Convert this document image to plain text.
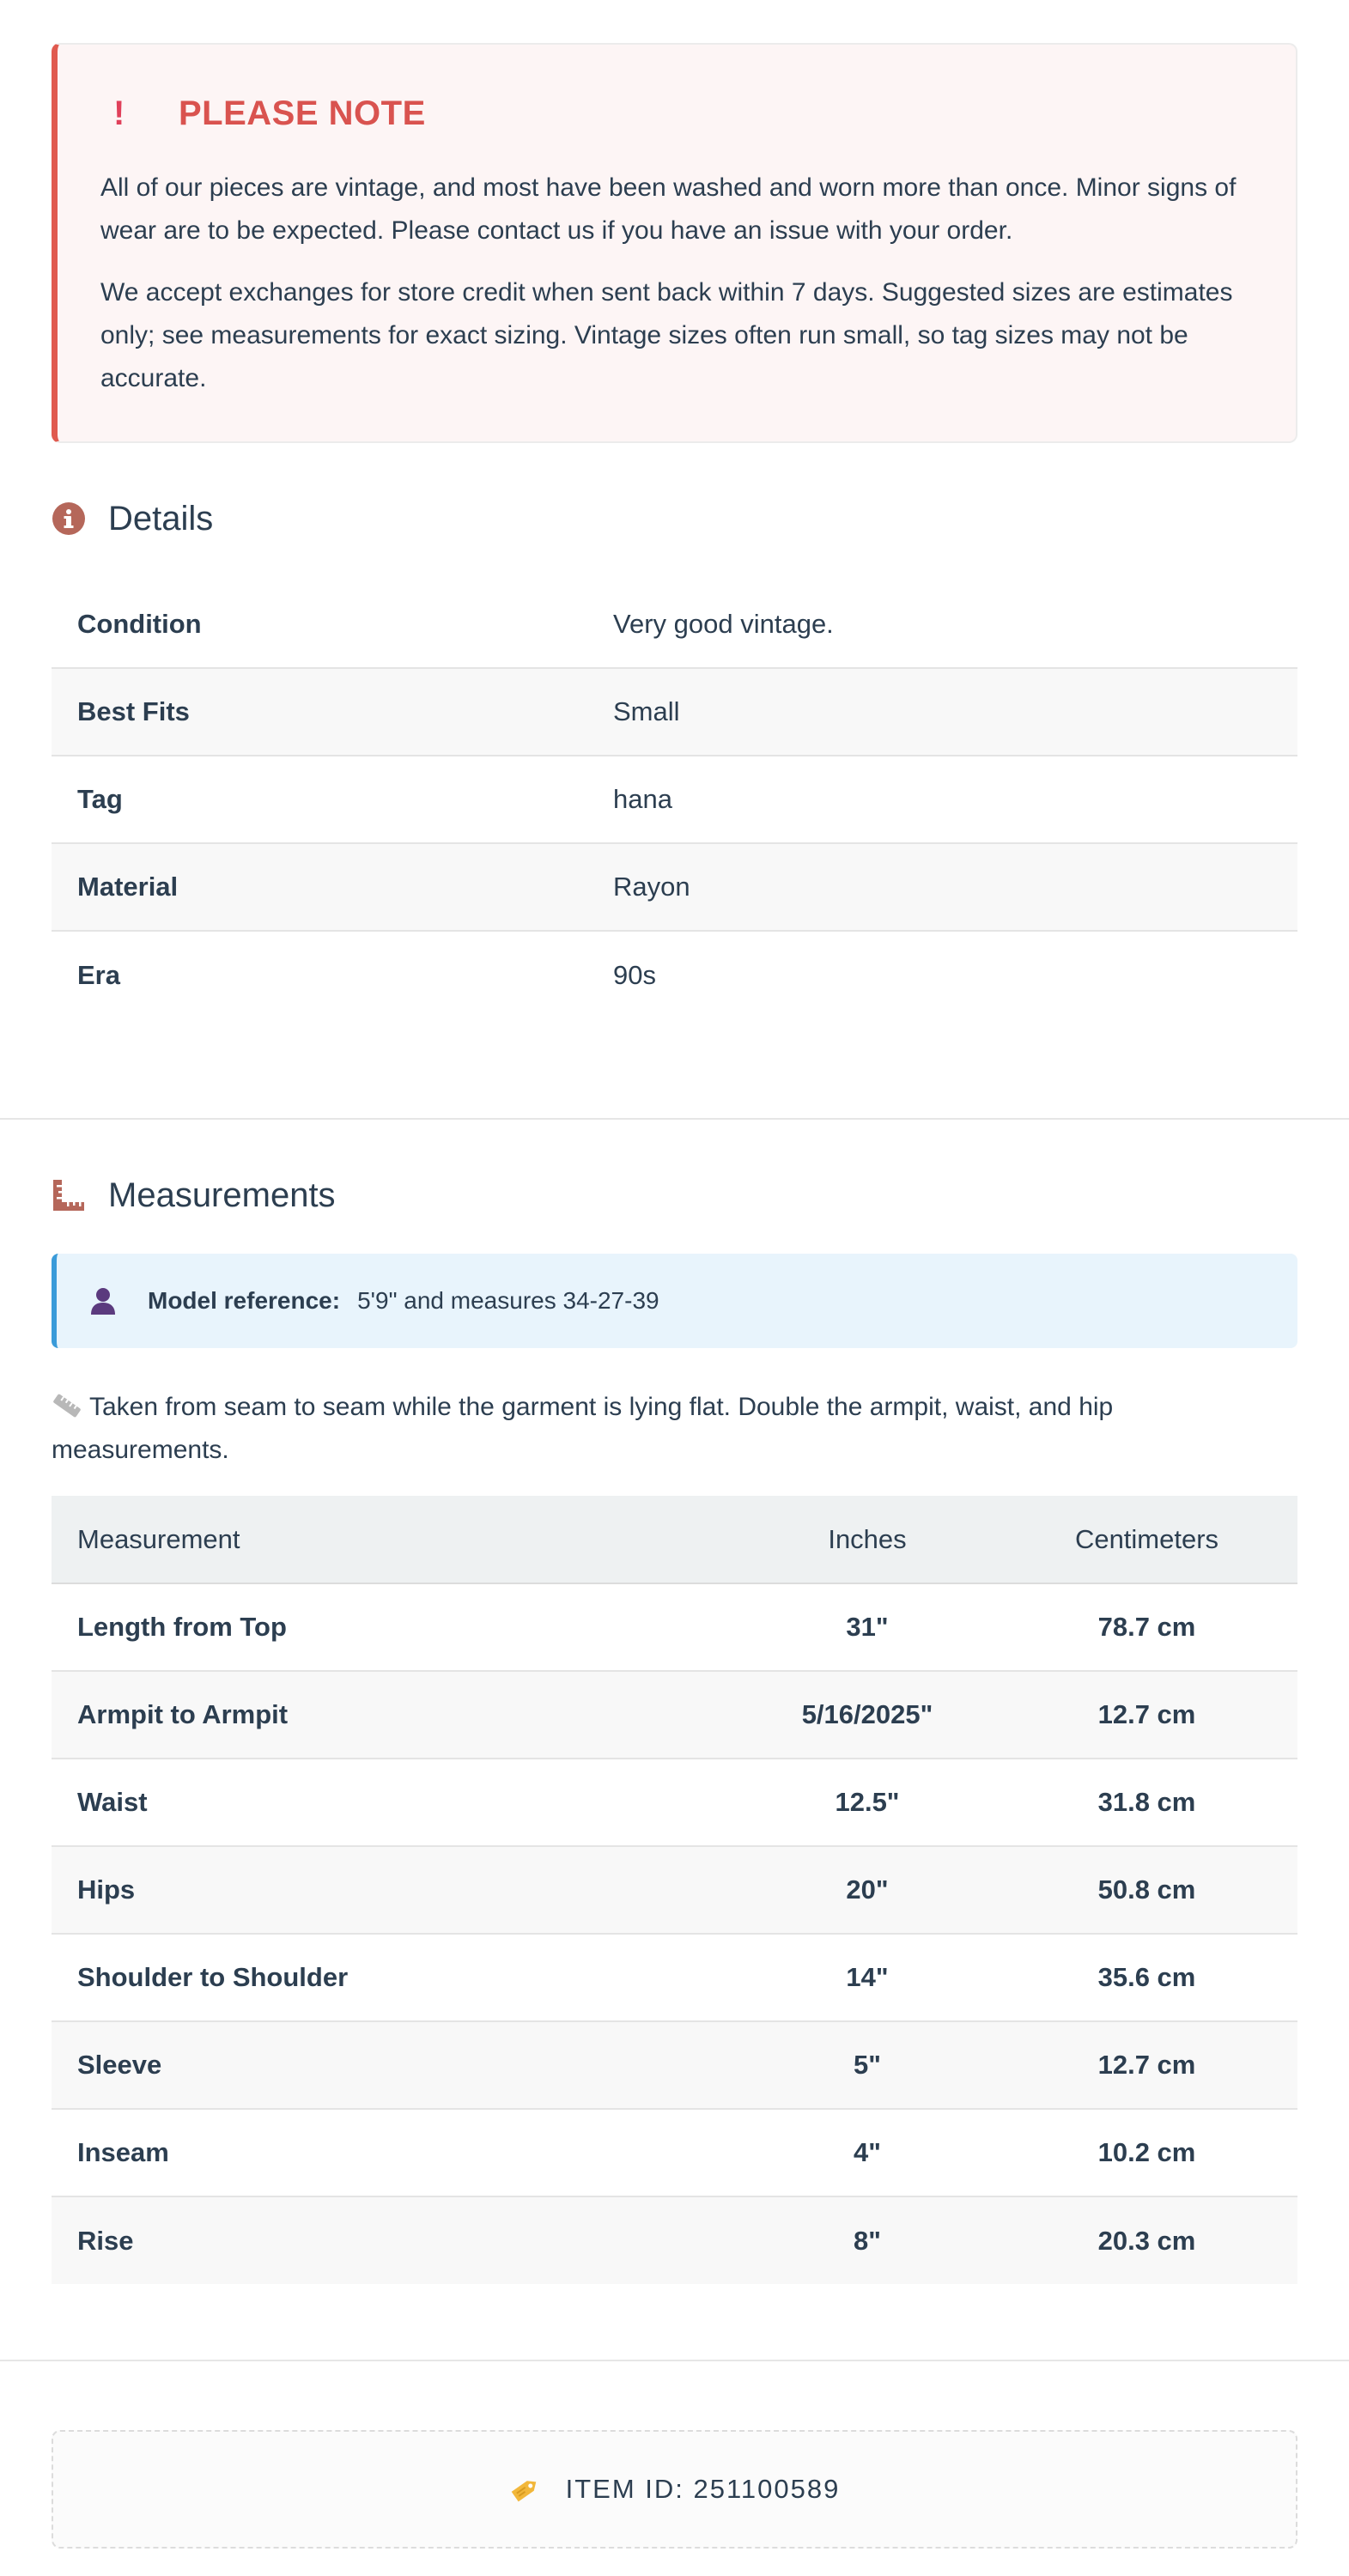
!	PLEASE NOTE

All of our pieces are vintage, and most have been washed and worn more than once. Minor signs of wear are to be expected. Please contact us if you have an issue with your order.

We accept exchanges for store credit when sent back within 7 days. Suggested sizes are estimates only; see measurements for exact sizing. Vintage sizes often run small, so tag sizes may not be accurate.

Details
Condition	Very good vintage.
Best Fits	Small
Tag	hana
Material	Rayon
Era	90s
Measurements
Model reference: 5'9" and measures 34-27-39

Taken from seam to seam while the garment is lying flat. Double the armpit, waist, and hip measurements.

Measurement	Inches	Centimeters
Length from Top	31"	78.7 cm
Armpit to Armpit	5/16/2025"	12.7 cm
Waist	12.5"	31.8 cm
Hips	20"	50.8 cm
Shoulder to Shoulder	14"	35.6 cm
Sleeve	5"	12.7 cm
Inseam	4"	10.2 cm
Rise	8"	20.3 cm
ITEM ID: 251100589
